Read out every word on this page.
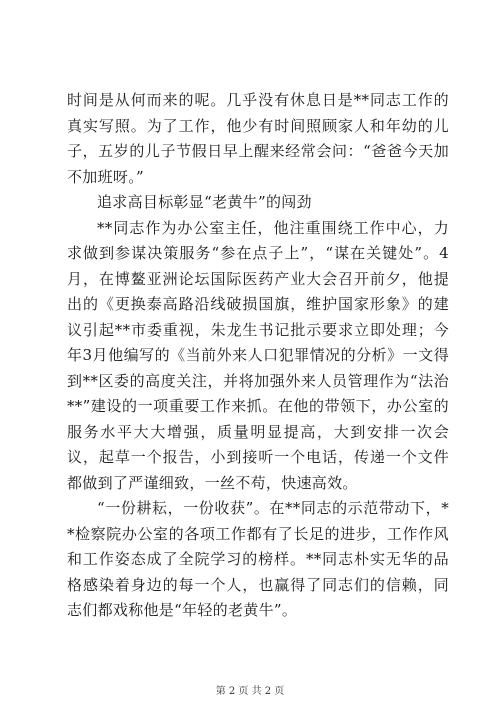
时间是从何而来的呢。几乎没有休息日是**同志工作的真实写照。为了工作，他少有时间照顾家人和年幼的儿子，五岁的儿子节假日早上醒来经常会问：“爸爸今天加不加班呀。”

追求高目标彰显“老黄牛”的闯劲

**同志作为办公室主任，他注重围绕工作中心，力求做到参谋决策服务“参在点子上”，“谋在关键处”。4月，在博鳌亚洲论坛国际医药产业大会召开前夕，他提出的《更换泰高路沿线破损国旗，维护国家形象》的建议引起**市委重视，朱龙生书记批示要求立即处理；今年3月他编写的《当前外来人口犯罪情况的分析》一文得到**区委的高度关注，并将加强外来人员管理作为“法治**”建设的一项重要工作来抓。在他的带领下，办公室的服务水平大大增强，质量明显提高，大到安排一次会议，起草一个报告，小到接听一个电话，传递一个文件都做到了严谨细致，一丝不苟，快速高效。

“一份耕耘，一份收获”。在**同志的示范带动下，**检察院办公室的各项工作都有了长足的进步，工作作风和工作姿态成了全院学习的榜样。**同志朴实无华的品格感染着身边的每一个人，也赢得了同志们的信赖，同志们都戏称他是“年轻的老黄牛”。

第 2 页 共 2 页
